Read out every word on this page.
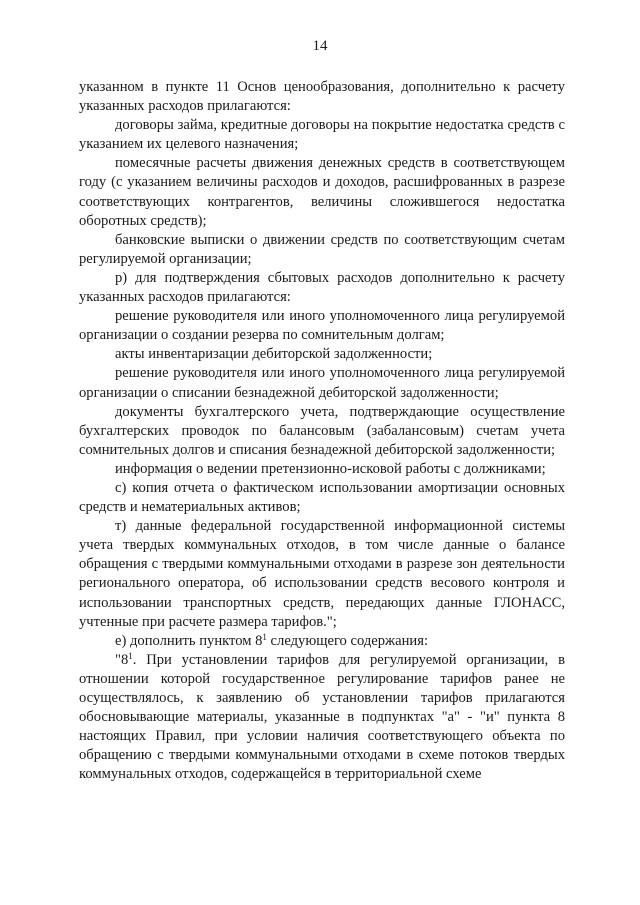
14

указанном в пункте 11 Основ ценообразования, дополнительно к расчету указанных расходов прилагаются:

договоры займа, кредитные договоры на покрытие недостатка средств с указанием их целевого назначения;

помесячные расчеты движения денежных средств в соответствующем году (с указанием величины расходов и доходов, расшифрованных в разрезе соответствующих контрагентов, величины сложившегося недостатка оборотных средств);

банковские выписки о движении средств по соответствующим счетам регулируемой организации;

р) для подтверждения сбытовых расходов дополнительно к расчету указанных расходов прилагаются:

решение руководителя или иного уполномоченного лица регулируемой организации о создании резерва по сомнительным долгам;

акты инвентаризации дебиторской задолженности;

решение руководителя или иного уполномоченного лица регулируемой организации о списании безнадежной дебиторской задолженности;

документы бухгалтерского учета, подтверждающие осуществление бухгалтерских проводок по балансовым (забалансовым) счетам учета сомнительных долгов и списания безнадежной дебиторской задолженности;

информация о ведении претензионно-исковой работы с должниками;

с) копия отчета о фактическом использовании амортизации основных средств и нематериальных активов;

т) данные федеральной государственной информационной системы учета твердых коммунальных отходов, в том числе данные о балансе обращения с твердыми коммунальными отходами в разрезе зон деятельности регионального оператора, об использовании средств весового контроля и использовании транспортных средств, передающих данные ГЛОНАСС, учтенные при расчете размера тарифов.";

е) дополнить пунктом $8^1$ следующего содержания:

"$8^1$. При установлении тарифов для регулируемой организации, в отношении которой государственное регулирование тарифов ранее не осуществлялось, к заявлению об установлении тарифов прилагаются обосновывающие материалы, указанные в подпунктах "а" - "и" пункта 8 настоящих Правил, при условии наличия соответствующего объекта по обращению с твердыми коммунальными отходами в схеме потоков твердых коммунальных отходов, содержащейся в территориальной схеме
